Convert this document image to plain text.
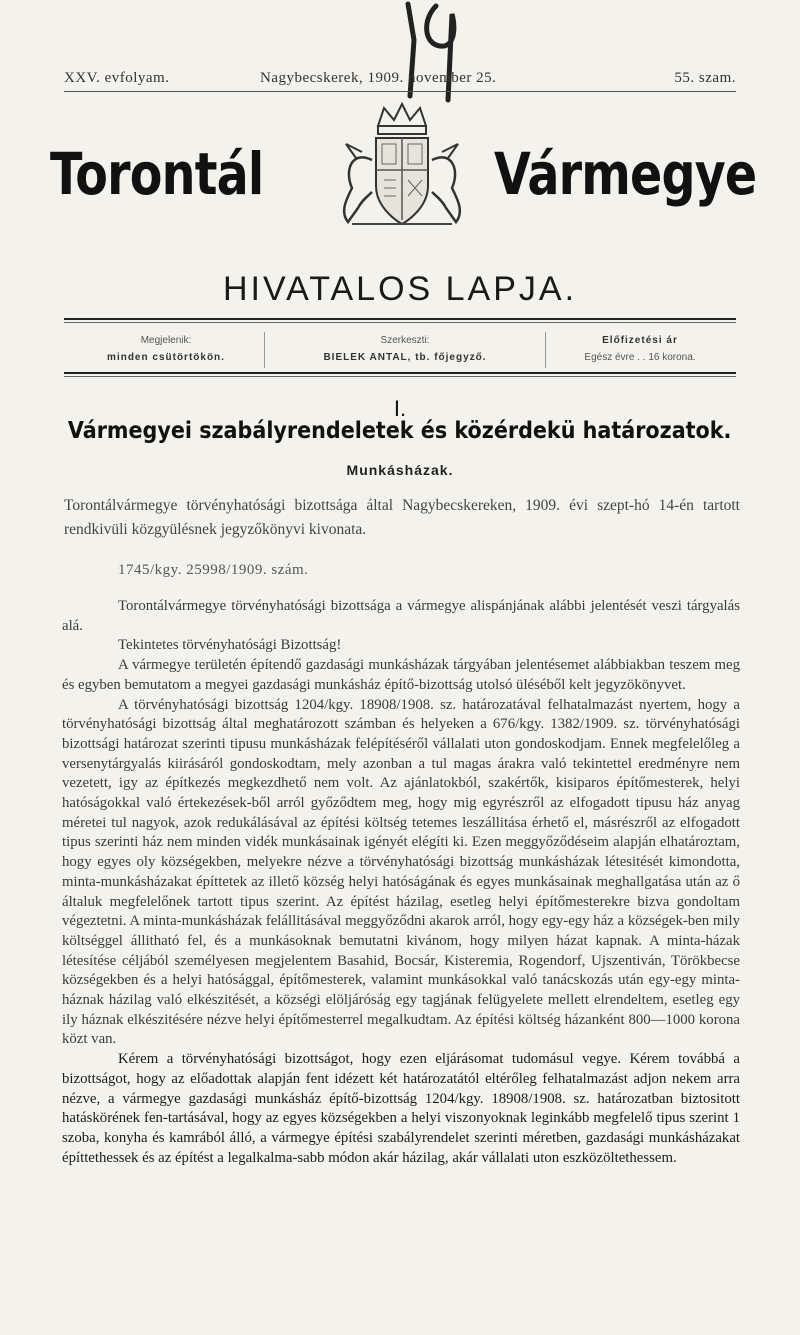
XXV. evfolyam.	Nagybecskerek, 1909. november 25.	55. szam.
Torontál	Vármegye
HIVATALOS LAPJA.
Megjelenik:
minden csütörtökön.
Szerkeszti:
BIELEK ANTAL, tb. főjegyző.
Előfizetési ár
Egész évre . . 16 korona.
I.
Vármegyei szabályrendeletek és közérdekü határozatok.
Munkásházak.

Torontálvármegye törvényhatósági bizottsága által Nagybecskereken, 1909. évi szept-hó 14-én tartott rendkivüli közgyülésnek jegyzőkönyvi kivonata.

1745/kgy. 25998/1909. szám.

Torontálvármegye törvényhatósági bizottsága a vármegye alispánjának alábbi jelentését veszi tárgyalás alá.

Tekintetes törvényhatósági Bizottság!

A vármegye területén építendő gazdasági munkásházak tárgyában jelentésemet alábbiakban teszem meg és egyben bemutatom a megyei gazdasági munkásház építő-bizottság utolsó üléséből kelt jegyzökönyvet.

A törvényhatósági bizottság 1204/kgy. 18908/1908. sz. határozatával felhatalmazást nyertem, hogy a törvényhatósági bizottság által meghatározott számban és helyeken a 676/kgy. 1382/1909. sz. törvényhatósági bizottsági határozat szerinti tipusu munkásházak felépítéséről vállalati uton gondoskodjam. Ennek megfelelőleg a versenytárgyalás kiirásáról gondoskodtam, mely azonban a tul magas árakra való tekintettel eredményre nem vezetett, igy az építkezés megkezdhető nem volt. Az ajánlatokból, szakértők, kisiparos építőmesterek, helyi hatóságokkal való értekezések-ből arról győződtem meg, hogy mig egyrészről az elfogadott tipusu ház anyag méretei tul nagyok, azok redukálásával az építési költség tetemes leszállitása érhető el, másrészről az elfogadott tipus szerinti ház nem minden vidék munkásainak igényét elégíti ki. Ezen meggyőződéseim alapján elhatároztam, hogy egyes oly községekben, melyekre nézve a törvényhatósági bizottság munkásházak létesitését kimondotta, minta-munkásházakat építtetek az illető község helyi hatóságának és egyes munkásainak meghallgatása után az ő általuk megfelelőnek tartott tipus szerint. Az építést házilag, esetleg helyi építőmesterekre bizva gondoltam végeztetni. A minta-munkásházak felállitásával meggyőződni akarok arról, hogy egy-egy ház a községek-ben mily költséggel állitható fel, és a munkásoknak bemutatni kivánom, hogy milyen házat kapnak. A minta-házak létesítése céljából személyesen megjelentem Basahid, Bocsár, Kisteremia, Rogendorf, Ujszentiván, Törökbecse községekben és a helyi hatósággal, építőmesterek, valamint munkásokkal való tanácskozás után egy-egy minta-háznak házilag való elkészitését, a községi elöljáróság egy tagjának felügyelete mellett elrendeltem, esetleg egy ily háznak elkészitésére nézve helyi építőmesterrel megalkudtam. Az építési költség házanként 800—1000 korona közt van.

Kérem a törvényhatósági bizottságot, hogy ezen eljárásomat tudomásul vegye. Kérem továbbá a bizottságot, hogy az előadottak alapján fent idézett két határozatától eltérőleg felhatalmazást adjon nekem arra nézve, a vármegye gazdasági munkásház építő-bizottság 1204/kgy. 18908/1908. sz. határozatban biztositott hatáskörének fen-tartásával, hogy az egyes községekben a helyi viszonyoknak leginkább megfelelő tipus szerint 1 szoba, konyha és kamrából álló, a vármegye építési szabályrendelet szerinti méretben, gazdasági munkásházakat építtethessek és az építést a legalkalma-sabb módon akár házilag, akár vállalati uton eszközöltethessem.
